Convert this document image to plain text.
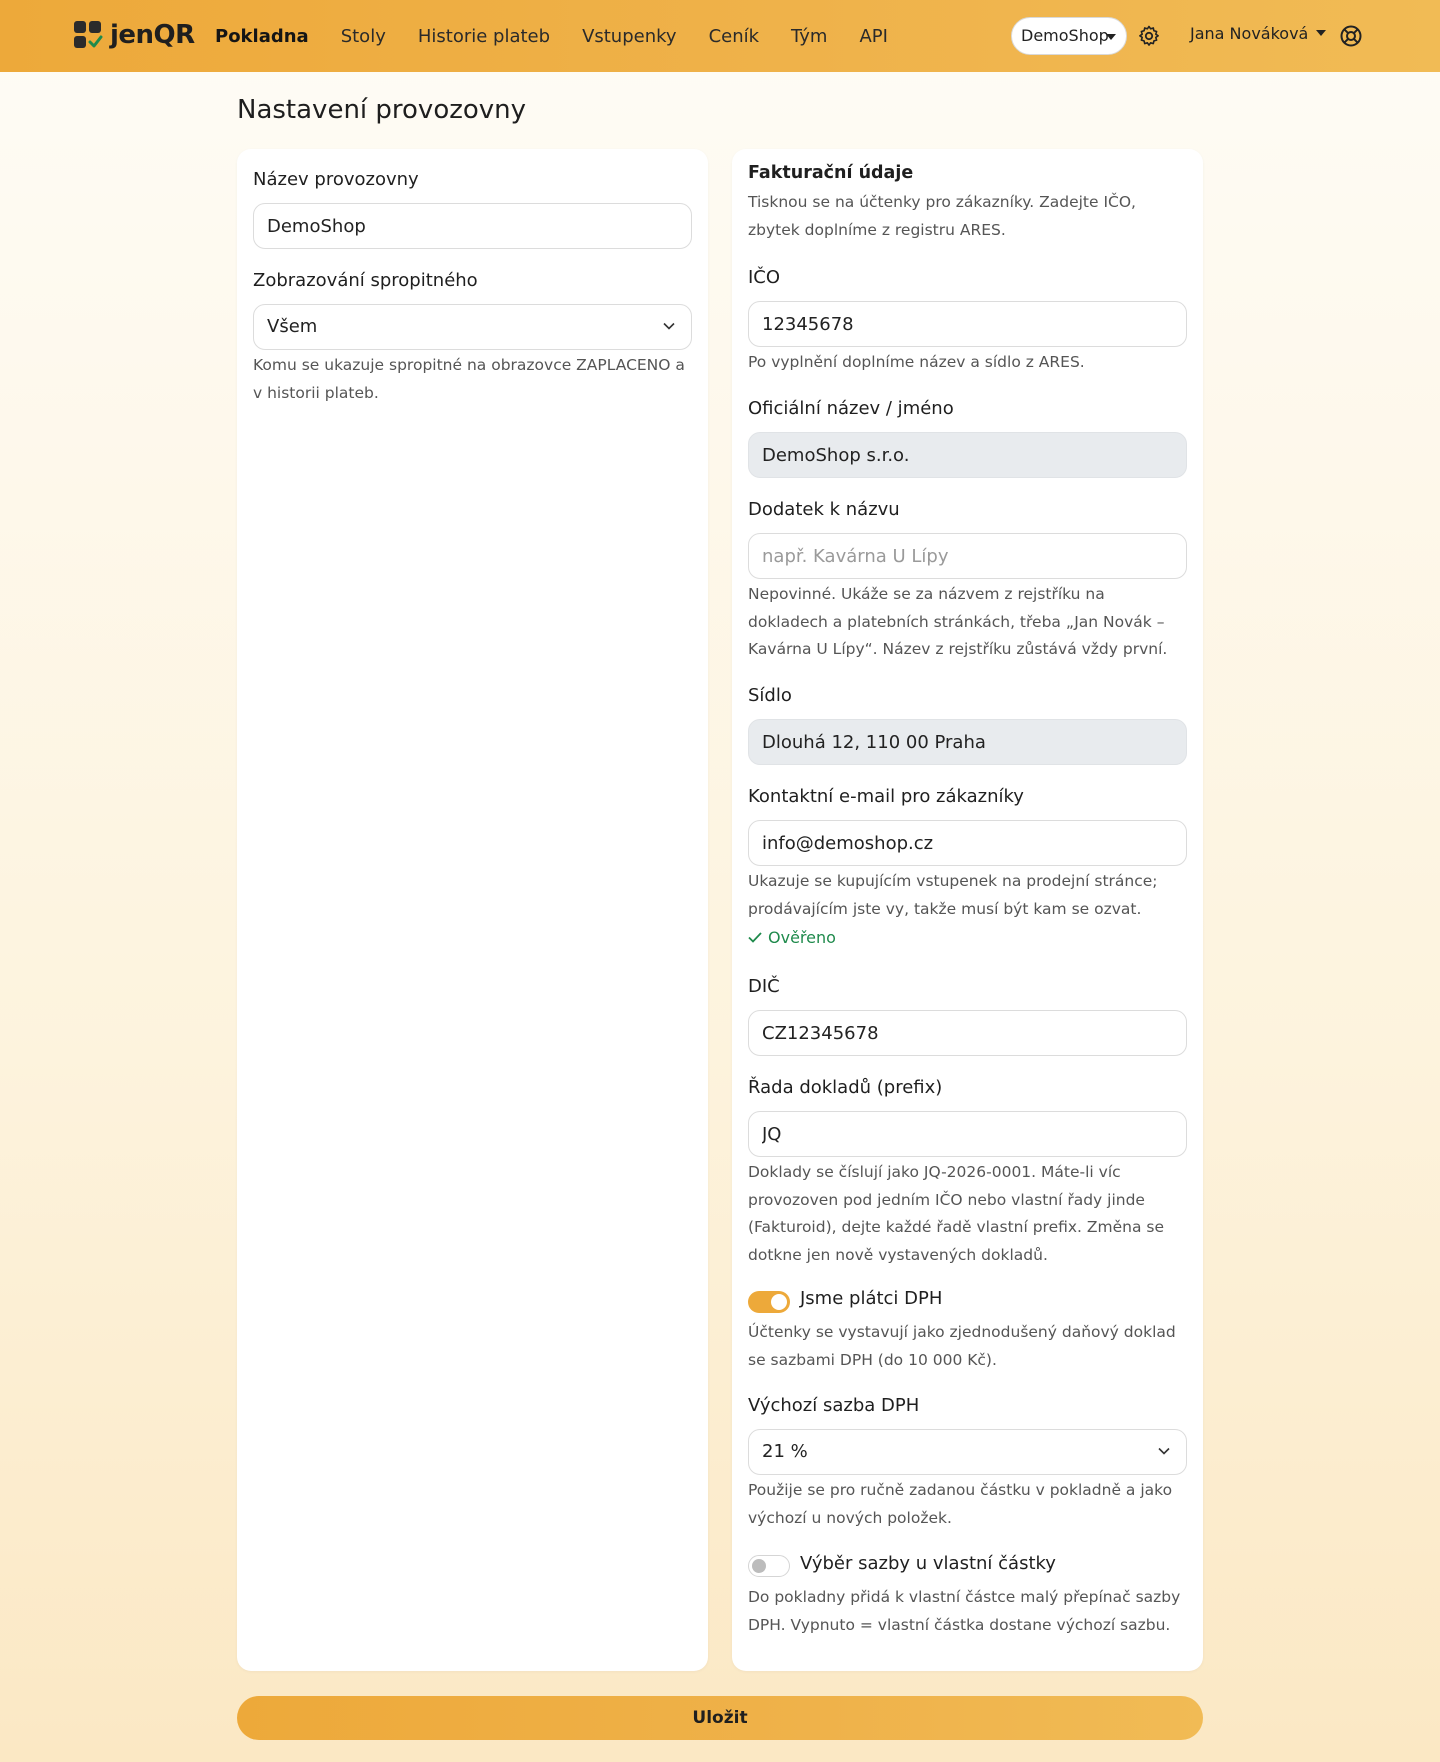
jenQR Pokladna Stoly Historie plateb Vstupenky Ceník Tým API	DemoShop	Jana Nováková
Nastavení provozovny
Název provozovny
DemoShop
Zobrazování spropitného
Všem

Komu se ukazuje spropitné na obrazovce ZAPLACENO a v historii plateb.

Fakturační údaje

Tisknou se na účtenky pro zákazníky. Zadejte IČO, zbytek doplníme z registru ARES.

IČO
12345678

Po vyplnění doplníme název a sídlo z ARES.

Oficiální název / jméno
DemoShop s.r.o.
Dodatek k názvu
např. Kavárna U Lípy

Nepovinné. Ukáže se za názvem z rejstříku na dokladech a platebních stránkách, třeba „Jan Novák – Kavárna U Lípy“. Název z rejstříku zůstává vždy první.

Sídlo
Dlouhá 12, 110 00 Praha
Kontaktní e-mail pro zákazníky
info@demoshop.cz

Ukazuje se kupujícím vstupenek na prodejní stránce; prodávajícím jste vy, takže musí být kam se ozvat.

Ověřeno
DIČ
CZ12345678
Řada dokladů (prefix)
JQ

Doklady se číslují jako JQ-2026-0001. Máte-li víc provozoven pod jedním IČO nebo vlastní řady jinde (Fakturoid), dejte každé řadě vlastní prefix. Změna se dotkne jen nově vystavených dokladů.

Jsme plátci DPH

Účtenky se vystavují jako zjednodušený daňový doklad se sazbami DPH (do 10 000 Kč).

Výchozí sazba DPH
21 %

Použije se pro ručně zadanou částku v pokladně a jako výchozí u nových položek.

Výběr sazby u vlastní částky

Do pokladny přidá k vlastní částce malý přepínač sazby DPH. Vypnuto = vlastní částka dostane výchozí sazbu.

Uložit
